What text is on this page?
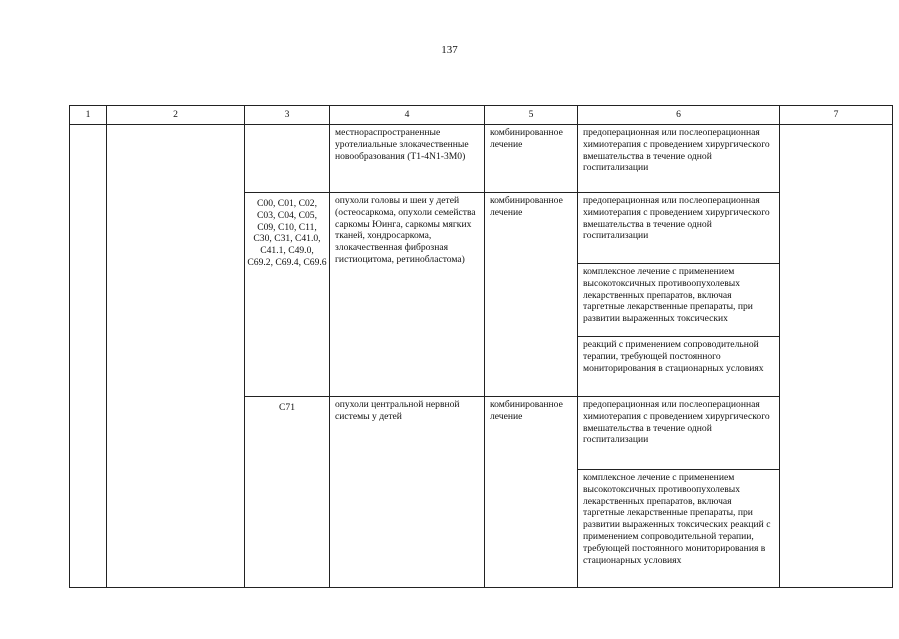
137
1	2	3	4	5	6	7
			местнораспространенные уротелиальные злокачественные новообразования (T1-4N1-3M0)	комбинированное лечение	предоперационная или послеоперационная химиотерапия с проведением хирургического вмешательства в течение одной госпитализации	
		C00, C01, C02, C03, C04, C05, C09, C10, C11, C30, C31, C41.0, C41.1, C49.0, C69.2, C69.4, C69.6	опухоли головы и шеи у детей (остеосаркома, опухоли семейства саркомы Юинга, саркомы мягких тканей, хондросаркома, злокачественная фиброзная гистиоцитома, ретинобластома)	комбинированное лечение	предоперационная или послеоперационная химиотерапия с проведением хирургического вмешательства в течение одной госпитализации	
					комплексное лечение с применением высокотоксичных противоопухолевых лекарственных препаратов, включая таргетные лекарственные препараты, при развитии выраженных токсических	
					реакций с применением сопроводительной терапии, требующей постоянного мониторирования в стационарных условиях	
		C71	опухоли центральной нервной системы у детей	комбинированное лечение	предоперационная или послеоперационная химиотерапия с проведением хирургического вмешательства в течение одной госпитализации	
					комплексное лечение с применением высокотоксичных противоопухолевых лекарственных препаратов, включая таргетные лекарственные препараты, при развитии выраженных токсических реакций с применением сопроводительной терапии, требующей постоянного мониторирования в стационарных условиях	
